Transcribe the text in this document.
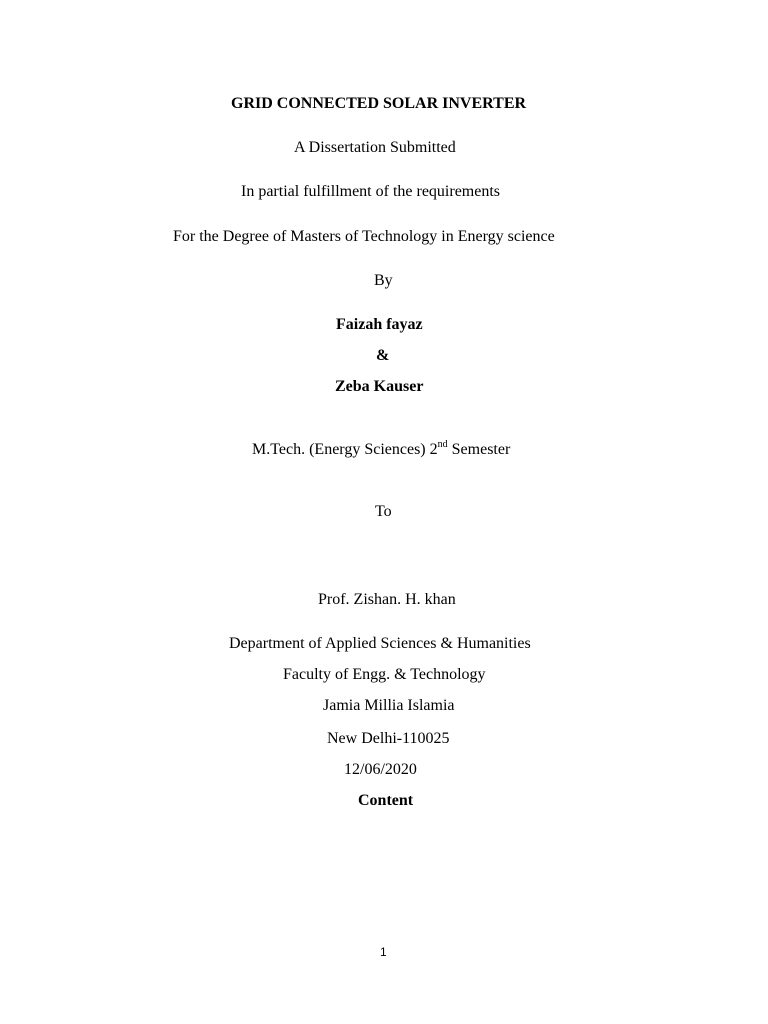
GRID CONNECTED SOLAR INVERTER
A Dissertation Submitted
In partial fulfillment of the requirements
For the Degree of Masters of Technology in Energy science
By
Faizah fayaz
&
Zeba Kauser
M.Tech. (Energy Sciences) 2nd Semester
To
Prof. Zishan. H. khan
Department of Applied Sciences & Humanities
Faculty of Engg. & Technology
Jamia Millia Islamia
New Delhi-110025
12/06/2020
Content
1
